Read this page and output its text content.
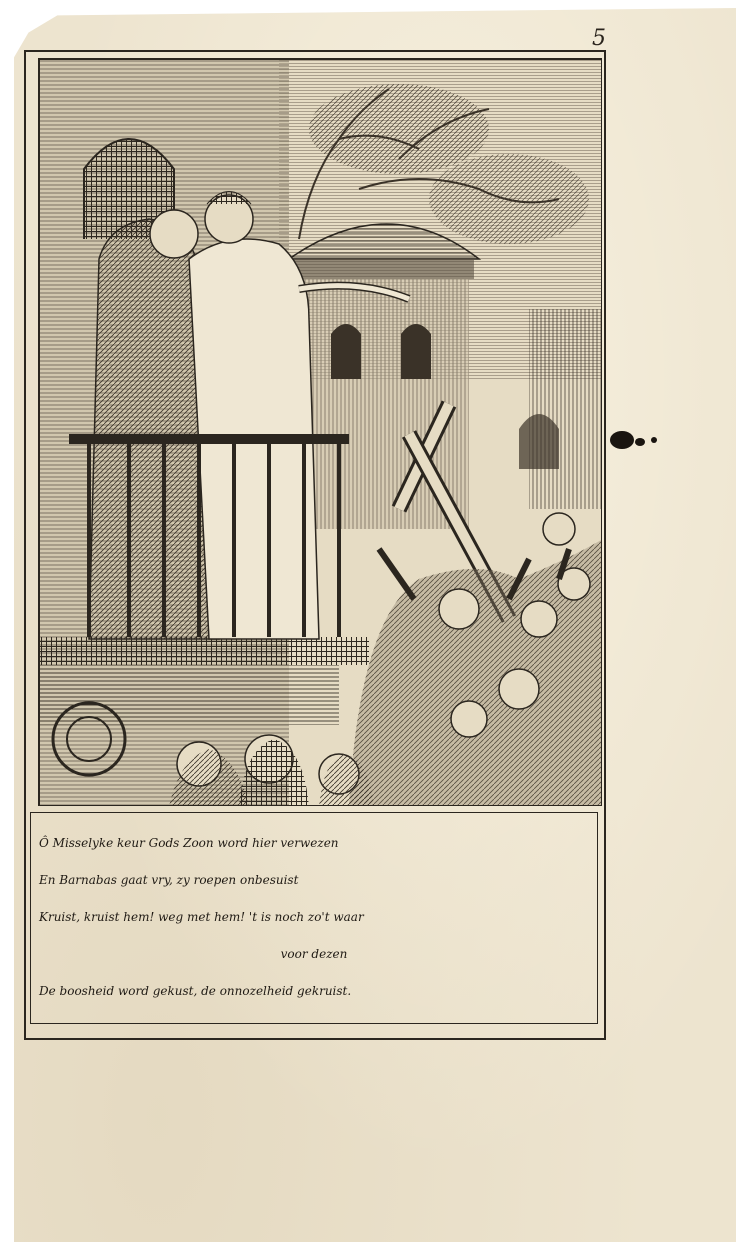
5
Ô Misselyke keur Gods Zoon word hier verwezen
En Barnabas gaat vry, zy roepen onbesuist
Kruist, kruist hem! weg met hem! 't is noch zo't waar
voor dezen
De boosheid word gekust, de onnozelheid gekruist.
